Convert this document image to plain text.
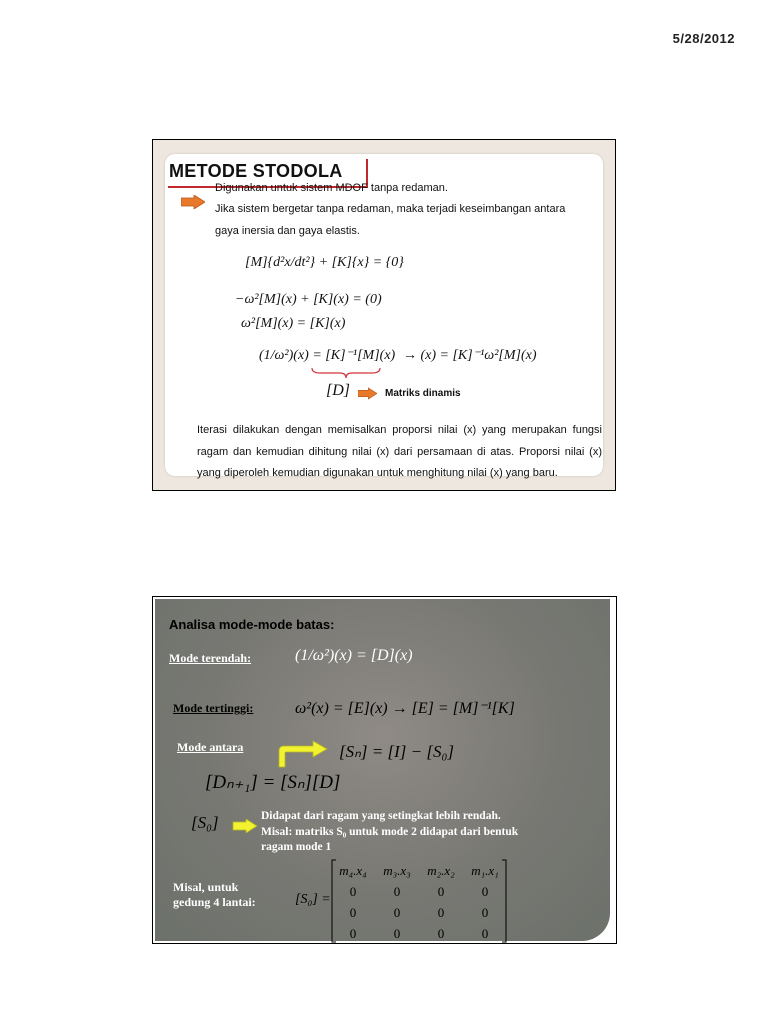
5/28/2012
METODE STODOLA
Digunakan untuk sistem MDOF tanpa redaman.
Jika sistem bergetar tanpa redaman, maka terjadi keseimbangan antara
gaya inersia dan gaya elastis.
[M]{d²x/dt²} + [K]{x} = {0}
−ω²[M](x) + [K](x) = (0)
ω²[M](x) = [K](x)
(1/ω²)(x) = [K]⁻¹[M](x) → (x) = [K]⁻¹ω²[M](x)
[D]	Matriks dinamis
Iterasi dilakukan dengan memisalkan proporsi nilai (x) yang merupakan fungsi ragam dan kemudian dihitung nilai (x) dari persamaan di atas. Proporsi nilai (x) yang diperoleh kemudian digunakan untuk menghitung nilai (x) yang baru.
Analisa mode-mode batas:
Mode terendah:	(1/ω²)(x) = [D](x)
Mode tertinggi:	ω²(x) = [E](x) → [E] = [M]⁻¹[K]
Mode antara	[Sₙ] = [I] − [S₀]
[Dₙ₊₁] = [Sₙ][D]
[S₀]	Didapat dari ragam yang setingkat lebih rendah.
Misal: matriks S₀ untuk mode 2 didapat dari bentuk
ragam mode 1
Misal, untuk
gedung 4 lantai:	[S₀] =
m₄.x₄	m₃.x₃	m₂.x₂	m₁.x₁
0	0	0	0
0	0	0	0
0	0	0	0
